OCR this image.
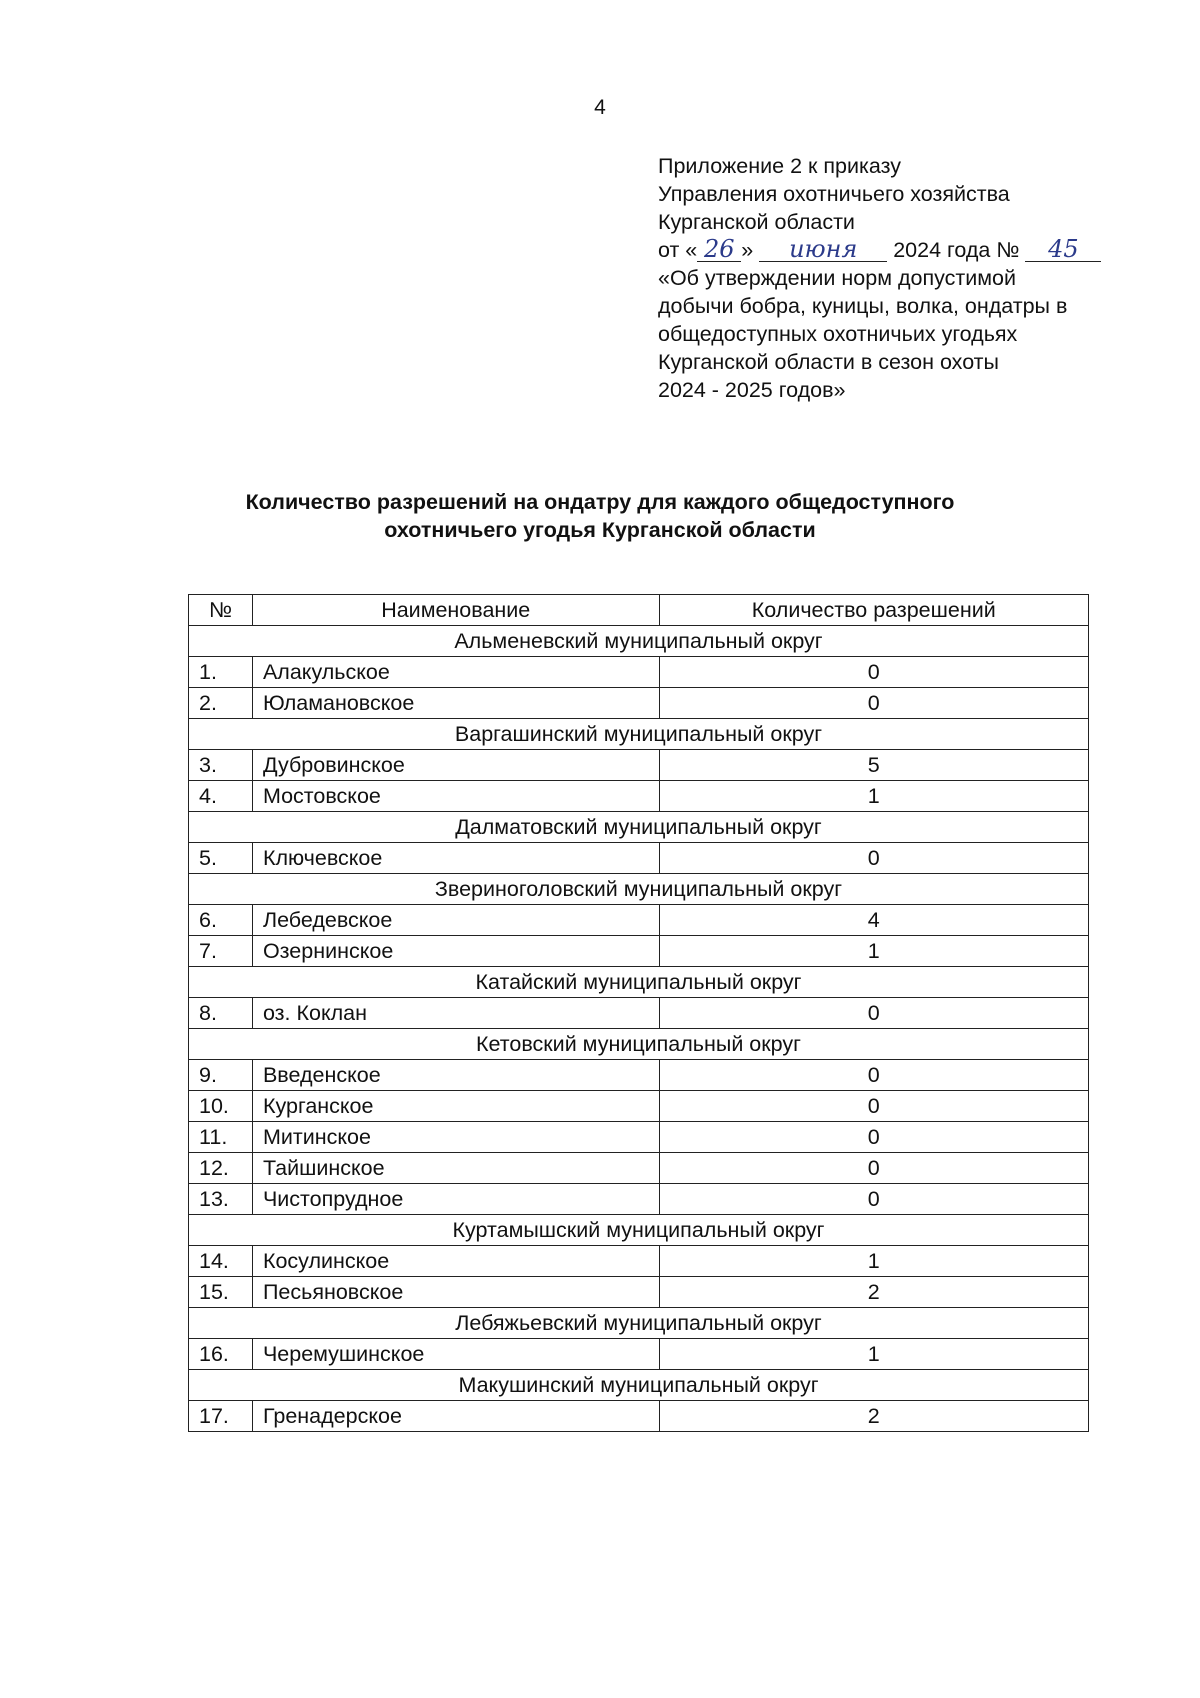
4
Приложение 2 к приказу
Управления охотничьего хозяйства
Курганской области
от « 26 » июня 2024 года № 45
«Об утверждении норм допустимой
добычи бобра, куницы, волка, ондатры в
общедоступных охотничьих угодьях
Курганской области в сезон охоты
2024 - 2025 годов»
Количество разрешений на ондатру для каждого общедоступного
охотничьего угодья Курганской области
№	Наименование	Количество разрешений
Альменевский муниципальный округ		
1.	Алакульское	0
2.	Юламановское	0
Варгашинский муниципальный округ		
3.	Дубровинское	5
4.	Мостовское	1
Далматовский муниципальный округ		
5.	Ключевское	0
Звериноголовский муниципальный округ		
6.	Лебедевское	4
7.	Озернинское	1
Катайский муниципальный округ		
8.	оз. Коклан	0
Кетовский муниципальный округ		
9.	Введенское	0
10.	Курганское	0
11.	Митинское	0
12.	Тайшинское	0
13.	Чистопрудное	0
Куртамышский муниципальный округ		
14.	Косулинское	1
15.	Песьяновское	2
Лебяжьевский муниципальный округ		
16.	Черемушинское	1
Макушинский муниципальный округ		
17.	Гренадерское	2
